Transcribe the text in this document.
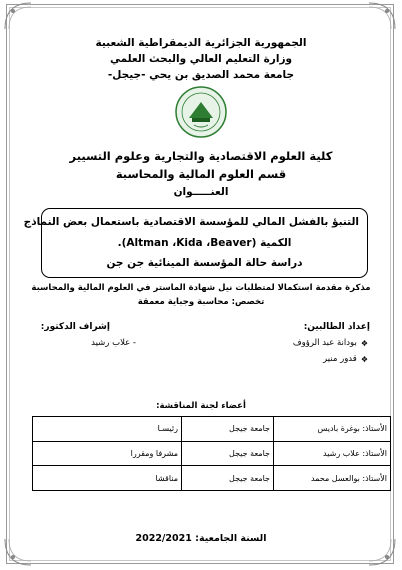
الجمهورية الجزائرية الديمقراطية الشعبية
وزارة التعليم العالي والبحث العلمي
جامعة محمد الصديق بن يحي -جيجل-
كلية العلوم الاقتصادية والتجارية وعلوم التسيير
قسم العلوم المالية والمحاسبة
العنـــــوان
التنبؤ بالفشل المالي للمؤسسة الاقتصادية باستعمال بعض النماذج
الكمية (Altman ،Kida ،Beaver).
دراسة حالة المؤسسة المينائية جن جن
مذكرة مقدمة استكمالا لمتطلبات نيل شهادة الماستر في العلوم المالية والمحاسبة
تخصص: محاسبة وجباية معمقة
إعداد الطالبين:
إشراف الدكتور:
❖
بودانة عبد الرؤوف
❖
قدور منير
- علاب رشيد
أعضاء لجنة المناقشة:
الأستاذ: بوغرة باديس	جامعة جيجل	رئيسـا
الأستاذ: علاب رشيد	جامعة جيجل	مشرفا ومقررا
الأستاذ: بوالعسل محمد	جامعة جيجل	مناقشا
السنة الجامعية: 2022/2021
